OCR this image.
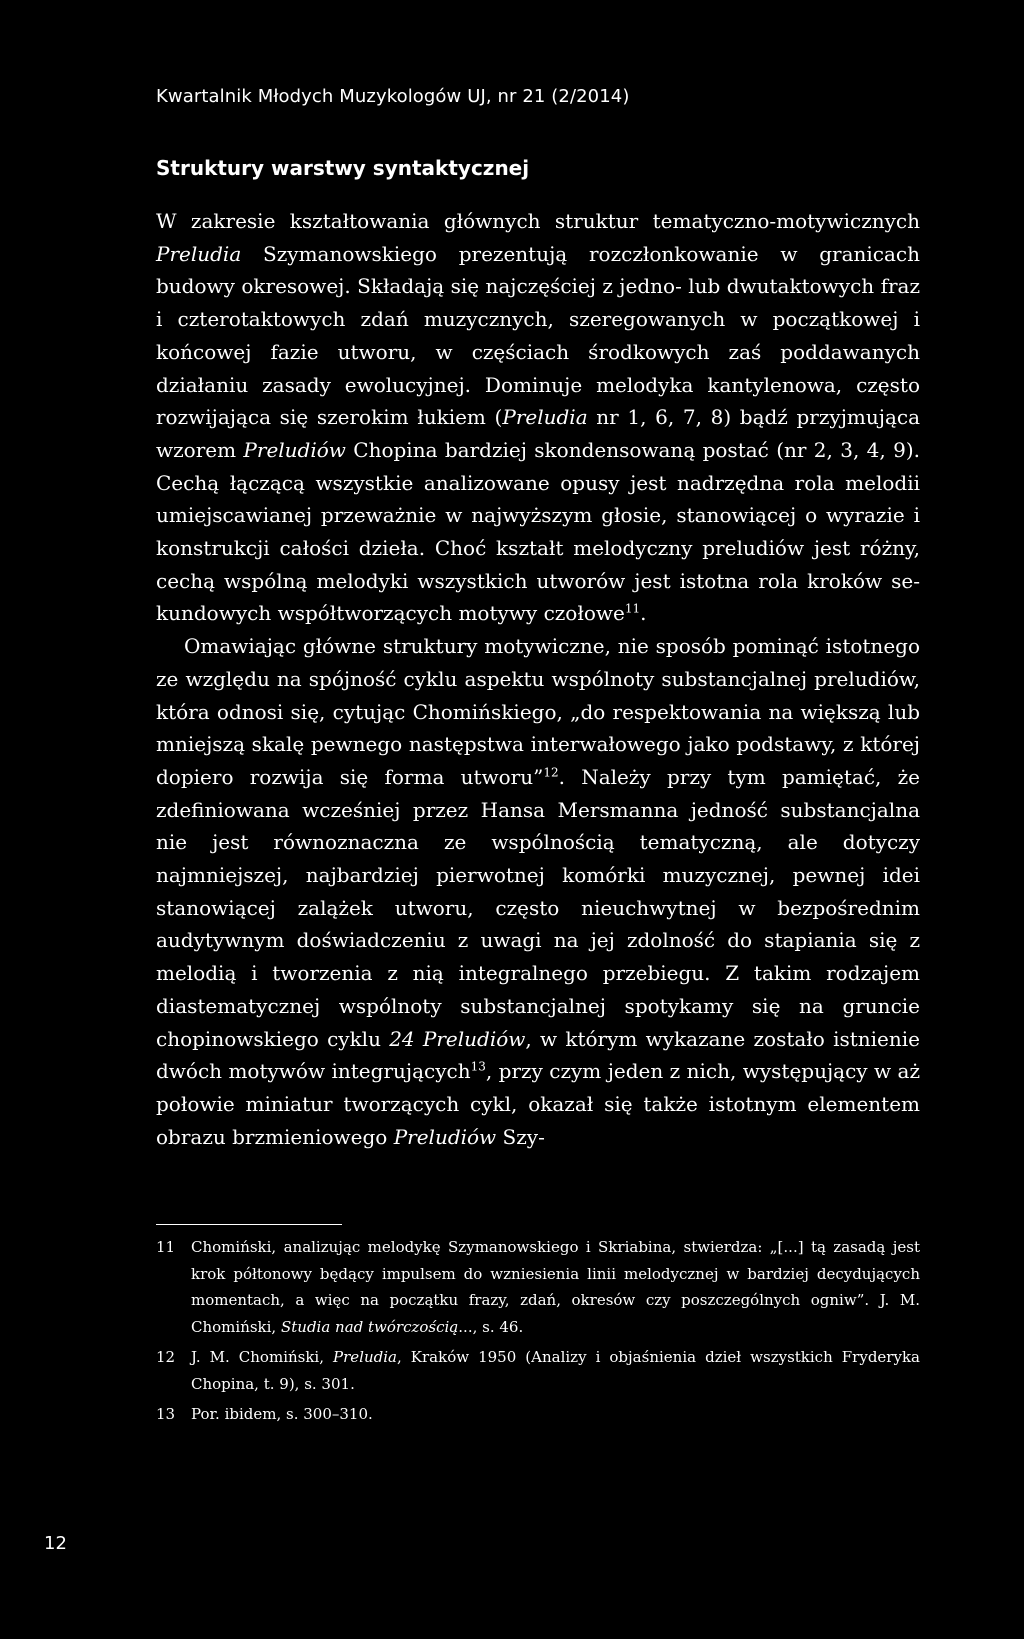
Kwartalnik Młodych Muzykologów UJ, nr 21 (2/2014)
Struktury warstwy syntaktycznej

W zakresie kształtowania głównych struktur tematyczno-motywicznych Preludia Szymanowskiego prezentują rozczłonkowanie w granicach budowy okresowej. Składają się najczęściej z jedno- lub dwutaktowych fraz i czterotaktowych zdań muzycznych, szeregowanych w początkowej i końcowej fazie utworu, w częściach środkowych zaś poddawanych działaniu zasady ewolucyjnej. Dominuje melodyka kantylenowa, często rozwijająca się szerokim łukiem (Preludia nr 1, 6, 7, 8) bądź przyjmująca wzorem Preludiów Chopina bardziej skondensowaną postać (nr 2, 3, 4, 9). Cechą łączącą wszystkie analizowane opusy jest nadrzędna rola melodii umiejscawianej przeważnie w najwyższym głosie, stanowiącej o wyrazie i konstrukcji całości dzieła. Choć kształt melodyczny preludiów jest różny, cechą wspólną melodyki wszystkich utworów jest istotna rola kroków sekundowych współtworzących motywy czołowe$^{11}$.

Omawiając główne struktury motywiczne, nie sposób pominąć istotnego ze względu na spójność cyklu aspektu wspólnoty substancjalnej preludiów, która odnosi się, cytując Chomińskiego, „do respektowania na większą lub mniejszą skalę pewnego następstwa interwałowego jako podstawy, z której dopiero rozwija się forma utworu”$^{12}$. Należy przy tym pamiętać, że zdefiniowana wcześniej przez Hansa Mersmanna jedność substancjalna nie jest równoznaczna ze wspólnością tematyczną, ale dotyczy najmniejszej, najbardziej pierwotnej komórki muzycznej, pewnej idei stanowiącej zalążek utworu, często nieuchwytnej w bezpośrednim audytywnym doświadczeniu z uwagi na jej zdolność do stapiania się z melodią i tworzenia z nią integralnego przebiegu. Z takim rodzajem diastematycznej wspólnoty substancjalnej spotykamy się na gruncie chopinowskiego cyklu 24 Preludiów, w którym wykazane zostało istnienie dwóch motywów integrujących$^{13}$, przy czym jeden z nich, występujący w aż połowie miniatur tworzących cykl, okazał się także istotnym elementem obrazu brzmieniowego Preludiów Szy-

11	Chomiński, analizując melodykę Szymanowskiego i Skriabina, stwierdza: „[...] tą zasadą jest krok półtonowy będący impulsem do wzniesienia linii melodycznej w bardziej decydujących momentach, a więc na początku frazy, zdań, okresów czy poszczególnych ogniw”. J. M. Chomiński, Studia nad twórczością..., s. 46.
12	J. M. Chomiński, Preludia, Kraków 1950 (Analizy i objaśnienia dzieł wszystkich Fryderyka Chopina, t. 9), s. 301.
13	Por. ibidem, s. 300–310.
12
